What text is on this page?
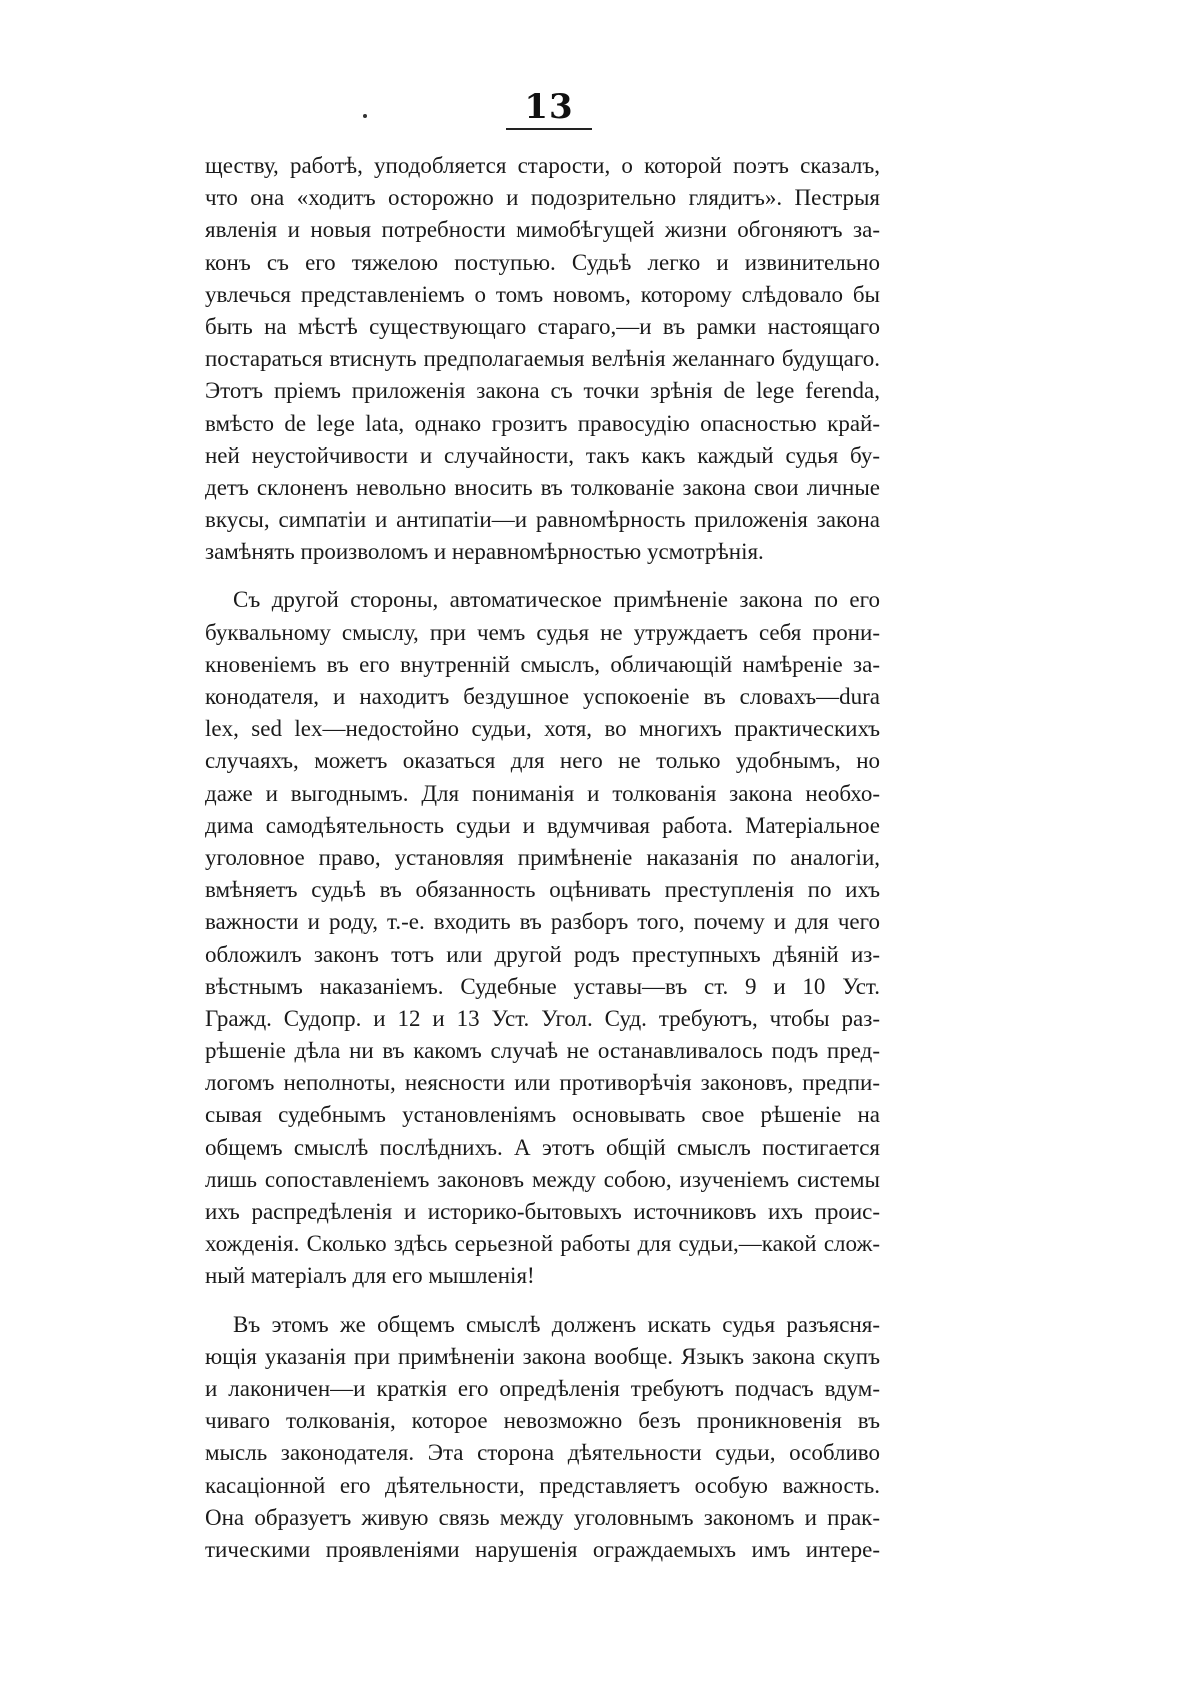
13
ществу, работѣ, уподобляется старости, о которой поэтъ сказалъ,
что она «ходитъ осторожно и подозрительно глядитъ». Пестрыя
явленія и новыя потребности мимобѣгущей жизни обгоняютъ за-
конъ съ его тяжелою поступью. Судьѣ легко и извинительно
увлечься представленіемъ о томъ новомъ, которому слѣдовало бы
быть на мѣстѣ существующаго стараго,—и въ рамки настоящаго
постараться втиснуть предполагаемыя велѣнія желаннаго будущаго.
Этотъ пріемъ приложенія закона съ точки зрѣнія de lege ferenda,
вмѣсто de lege lata, однако грозитъ правосудію опасностью край-
ней неустойчивости и случайности, такъ какъ каждый судья бу-
детъ склоненъ невольно вносить въ толкованіе закона свои личные
вкусы, симпатіи и антипатіи—и равномѣрность приложенія закона
замѣнять произволомъ и неравномѣрностью усмотрѣнія.
Съ другой стороны, автоматическое примѣненіе закона по его
буквальному смыслу, при чемъ судья не утруждаетъ себя прони-
кновеніемъ въ его внутренній смыслъ, обличающій намѣреніе за-
конодателя, и находитъ бездушное успокоеніе въ словахъ—dura
lex, sed lex—недостойно судьи, хотя, во многихъ практическихъ
случаяхъ, можетъ оказаться для него не только удобнымъ, но
даже и выгоднымъ. Для пониманія и толкованія закона необхо-
дима самодѣятельность судьи и вдумчивая работа. Матеріальное
уголовное право, установляя примѣненіе наказанія по аналогіи,
вмѣняетъ судьѣ въ обязанность оцѣнивать преступленія по ихъ
важности и роду, т.-е. входить въ разборъ того, почему и для чего
обложилъ законъ тотъ или другой родъ преступныхъ дѣяній из-
вѣстнымъ наказаніемъ. Судебные уставы—въ ст. 9 и 10 Уст.
Гражд. Судопр. и 12 и 13 Уст. Угол. Суд. требуютъ, чтобы раз-
рѣшеніе дѣла ни въ какомъ случаѣ не останавливалось подъ пред-
логомъ неполноты, неясности или противорѣчія законовъ, предпи-
сывая судебнымъ установленіямъ основывать свое рѣшеніе на
общемъ смыслѣ послѣднихъ. А этотъ общій смыслъ постигается
лишь сопоставленіемъ законовъ между собою, изученіемъ системы
ихъ распредѣленія и историко-бытовыхъ источниковъ ихъ проис-
хожденія. Сколько здѣсь серьезной работы для судьи,—какой слож-
ный матеріалъ для его мышленія!
Въ этомъ же общемъ смыслѣ долженъ искать судья разъясня-
ющія указанія при примѣненіи закона вообще. Языкъ закона скупъ
и лаконичен—и краткія его опредѣленія требуютъ подчасъ вдум-
чиваго толкованія, которое невозможно безъ проникновенія въ
мысль законодателя. Эта сторона дѣятельности судьи, особливо
касаціонной его дѣятельности, представляетъ особую важность.
Она образуетъ живую связь между уголовнымъ закономъ и прак-
тическими проявленіями нарушенія ограждаемыхъ имъ интере-
